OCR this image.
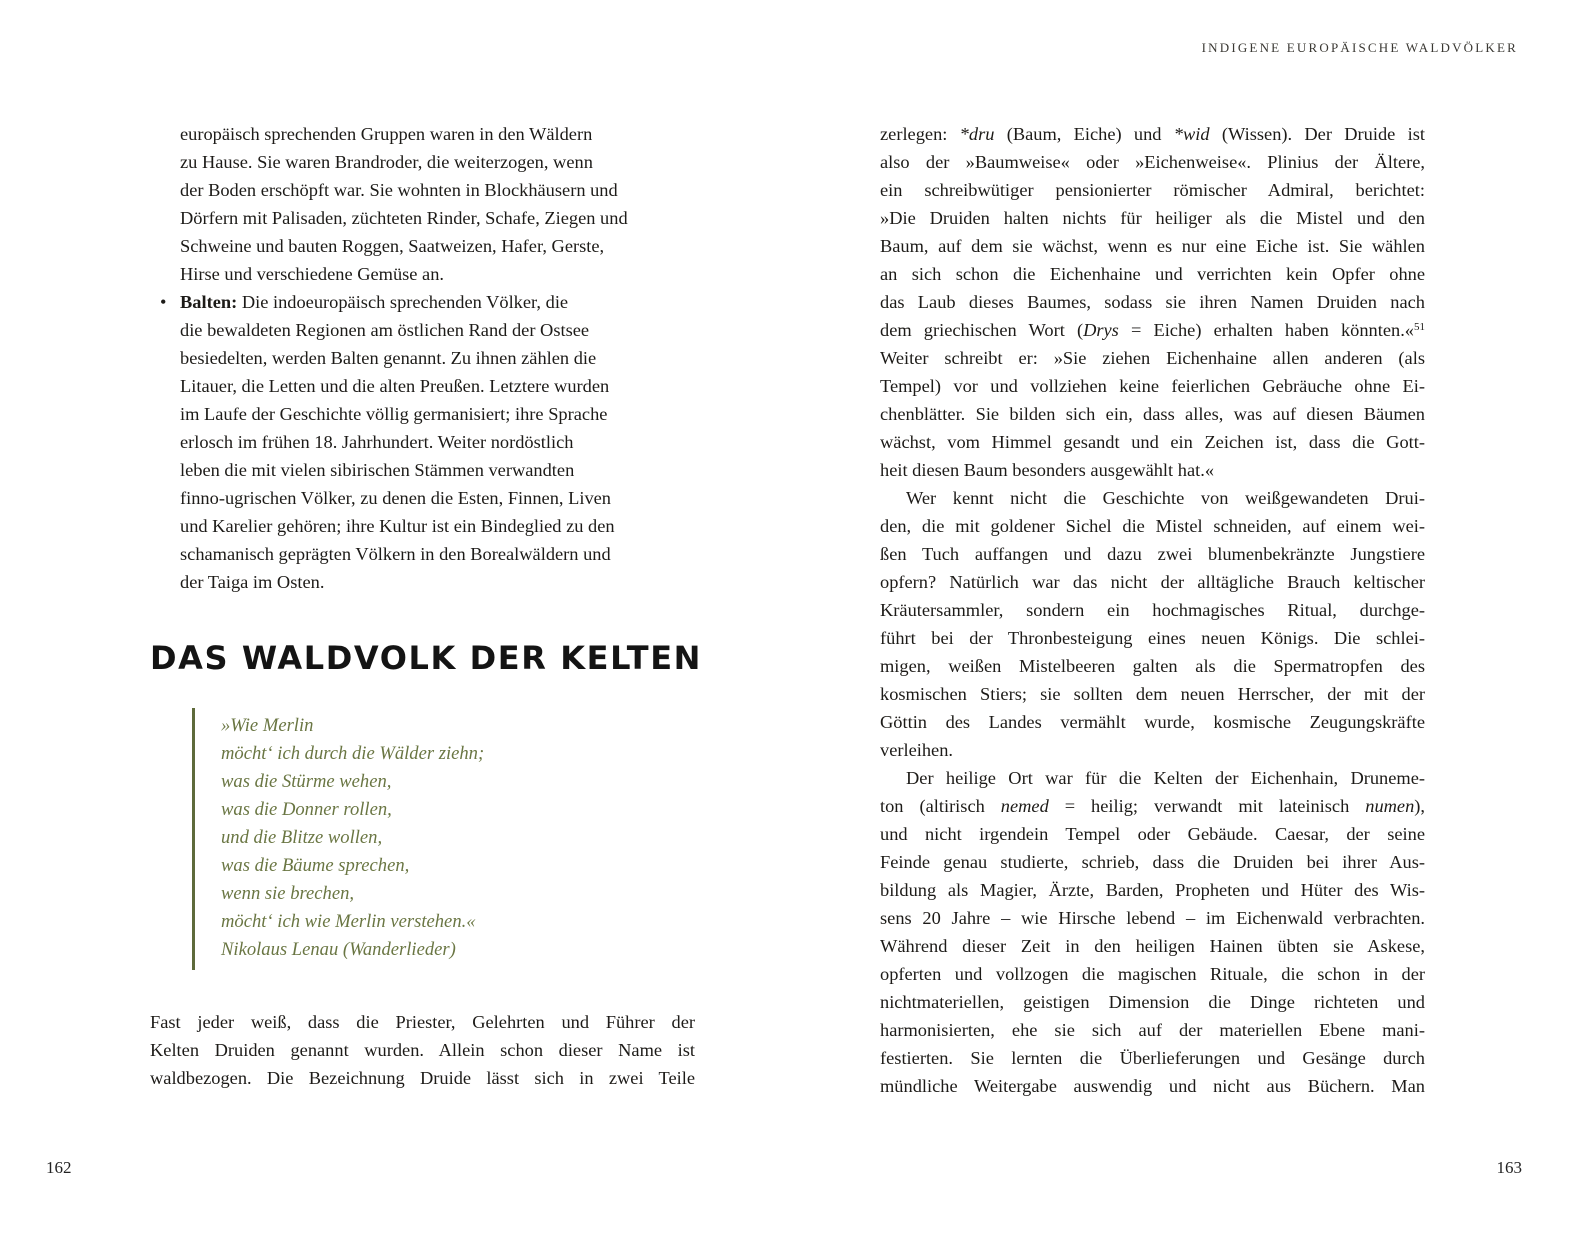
INDIGENE EUROPÄISCHE WALDVÖLKER

europäisch sprechenden Gruppen waren in den Wäldern

zu Hause. Sie waren Brandroder, die weiterzogen, wenn

der Boden erschöpft war. Sie wohnten in Blockhäusern und

Dörfern mit Palisaden, züchteten Rinder, Schafe, Ziegen und

Schweine und bauten Roggen, Saatweizen, Hafer, Gerste,

Hirse und verschiedene Gemüse an.

• Balten: Die indoeuropäisch sprechenden Völker, die

die bewaldeten Regionen am östlichen Rand der Ostsee

besiedelten, werden Balten genannt. Zu ihnen zählen die

Litauer, die Letten und die alten Preußen. Letztere wurden

im Laufe der Geschichte völlig germanisiert; ihre Sprache

erlosch im frühen 18. Jahrhundert. Weiter nordöstlich

leben die mit vielen sibirischen Stämmen verwandten

finno-ugrischen Völker, zu denen die Esten, Finnen, Liven

und Karelier gehören; ihre Kultur ist ein Bindeglied zu den

schamanisch geprägten Völkern in den Borealwäldern und

der Taiga im Osten.

DAS WALDVOLK DER KELTEN
»Wie Merlin
möcht‘ ich durch die Wälder ziehn;
was die Stürme wehen,
was die Donner rollen,
und die Blitze wollen,
was die Bäume sprechen,
wenn sie brechen,
möcht‘ ich wie Merlin verstehen.«
Nikolaus Lenau (Wanderlieder)
Fast jeder weiß, dass die Priester, Gelehrten und Führer der
Kelten Druiden genannt wurden. Allein schon dieser Name ist
waldbezogen. Die Bezeichnung Druide lässt sich in zwei Teile
zerlegen: *dru (Baum, Eiche) und *wid (Wissen). Der Druide ist
also der »Baumweise« oder »Eichenweise«. Plinius der Ältere,
ein schreibwütiger pensionierter römischer Admiral, berichtet:
»Die Druiden halten nichts für heiliger als die Mistel und den
Baum, auf dem sie wächst, wenn es nur eine Eiche ist. Sie wählen
an sich schon die Eichenhaine und verrichten kein Opfer ohne
das Laub dieses Baumes, sodass sie ihren Namen Druiden nach
dem griechischen Wort (Drys = Eiche) erhalten haben könnten.«$^{51}$
Weiter schreibt er: »Sie ziehen Eichenhaine allen anderen (als
Tempel) vor und vollziehen keine feierlichen Gebräuche ohne Ei-
chenblätter. Sie bilden sich ein, dass alles, was auf diesen Bäumen
wächst, vom Himmel gesandt und ein Zeichen ist, dass die Gott-
heit diesen Baum besonders ausgewählt hat.«
Wer kennt nicht die Geschichte von weißgewandeten Drui-
den, die mit goldener Sichel die Mistel schneiden, auf einem wei-
ßen Tuch auffangen und dazu zwei blumenbekränzte Jungstiere
opfern? Natürlich war das nicht der alltägliche Brauch keltischer
Kräutersammler, sondern ein hochmagisches Ritual, durchge-
führt bei der Thronbesteigung eines neuen Königs. Die schlei-
migen, weißen Mistelbeeren galten als die Spermatropfen des
kosmischen Stiers; sie sollten dem neuen Herrscher, der mit der
Göttin des Landes vermählt wurde, kosmische Zeugungskräfte
verleihen.
Der heilige Ort war für die Kelten der Eichenhain, Druneme-
ton (altirisch nemed = heilig; verwandt mit lateinisch numen),
und nicht irgendein Tempel oder Gebäude. Caesar, der seine
Feinde genau studierte, schrieb, dass die Druiden bei ihrer Aus-
bildung als Magier, Ärzte, Barden, Propheten und Hüter des Wis-
sens 20 Jahre – wie Hirsche lebend – im Eichenwald verbrachten.
Während dieser Zeit in den heiligen Hainen übten sie Askese,
opferten und vollzogen die magischen Rituale, die schon in der
nichtmateriellen, geistigen Dimension die Dinge richteten und
harmonisierten, ehe sie sich auf der materiellen Ebene mani-
festierten. Sie lernten die Überlieferungen und Gesänge durch
mündliche Weitergabe auswendig und nicht aus Büchern. Man
162	163
